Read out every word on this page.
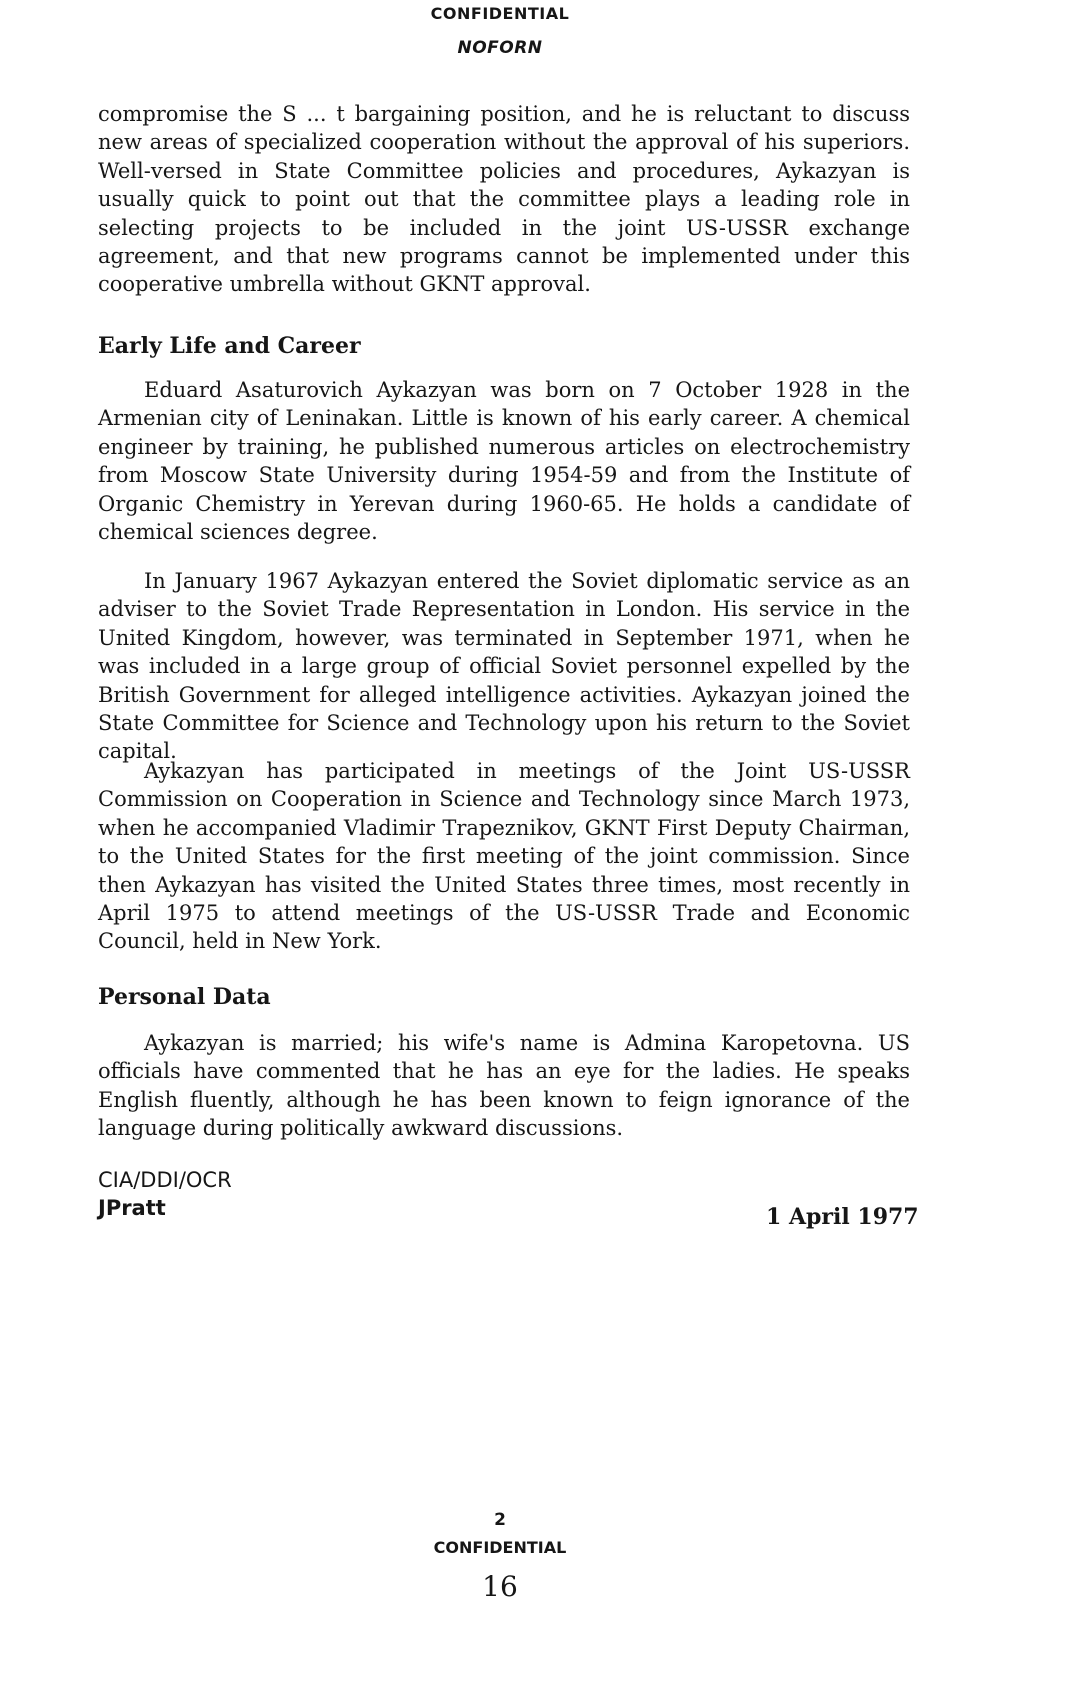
CONFIDENTIAL
NOFORN

compromise the S ... t bargaining position, and he is reluctant to discuss new areas of specialized cooperation without the approval of his superiors. Well-versed in State Committee policies and procedures, Aykazyan is usually quick to point out that the committee plays a leading role in selecting projects to be included in the joint US-USSR exchange agreement, and that new programs cannot be implemented under this cooperative umbrella without GKNT approval.

Early Life and Career

Eduard Asaturovich Aykazyan was born on 7 October 1928 in the Armenian city of Leninakan. Little is known of his early career. A chemical engineer by training, he published numerous articles on electrochemistry from Moscow State University during 1954-59 and from the Institute of Organic Chemistry in Yerevan during 1960-65. He holds a candidate of chemical sciences degree.

In January 1967 Aykazyan entered the Soviet diplomatic service as an adviser to the Soviet Trade Representation in London. His service in the United Kingdom, however, was terminated in September 1971, when he was included in a large group of official Soviet personnel expelled by the British Government for alleged intelligence activities. Aykazyan joined the State Committee for Science and Technology upon his return to the Soviet capital.

Aykazyan has participated in meetings of the Joint US-USSR Commission on Cooperation in Science and Technology since March 1973, when he accompanied Vladimir Trapeznikov, GKNT First Deputy Chairman, to the United States for the first meeting of the joint commission. Since then Aykazyan has visited the United States three times, most recently in April 1975 to attend meetings of the US-USSR Trade and Economic Council, held in New York.

Personal Data

Aykazyan is married; his wife's name is Admina Karopetovna. US officials have commented that he has an eye for the ladies. He speaks English fluently, although he has been known to feign ignorance of the language during politically awkward discussions.

CIA/DDI/OCR
JPratt	1 April 1977
2
CONFIDENTIAL
16
